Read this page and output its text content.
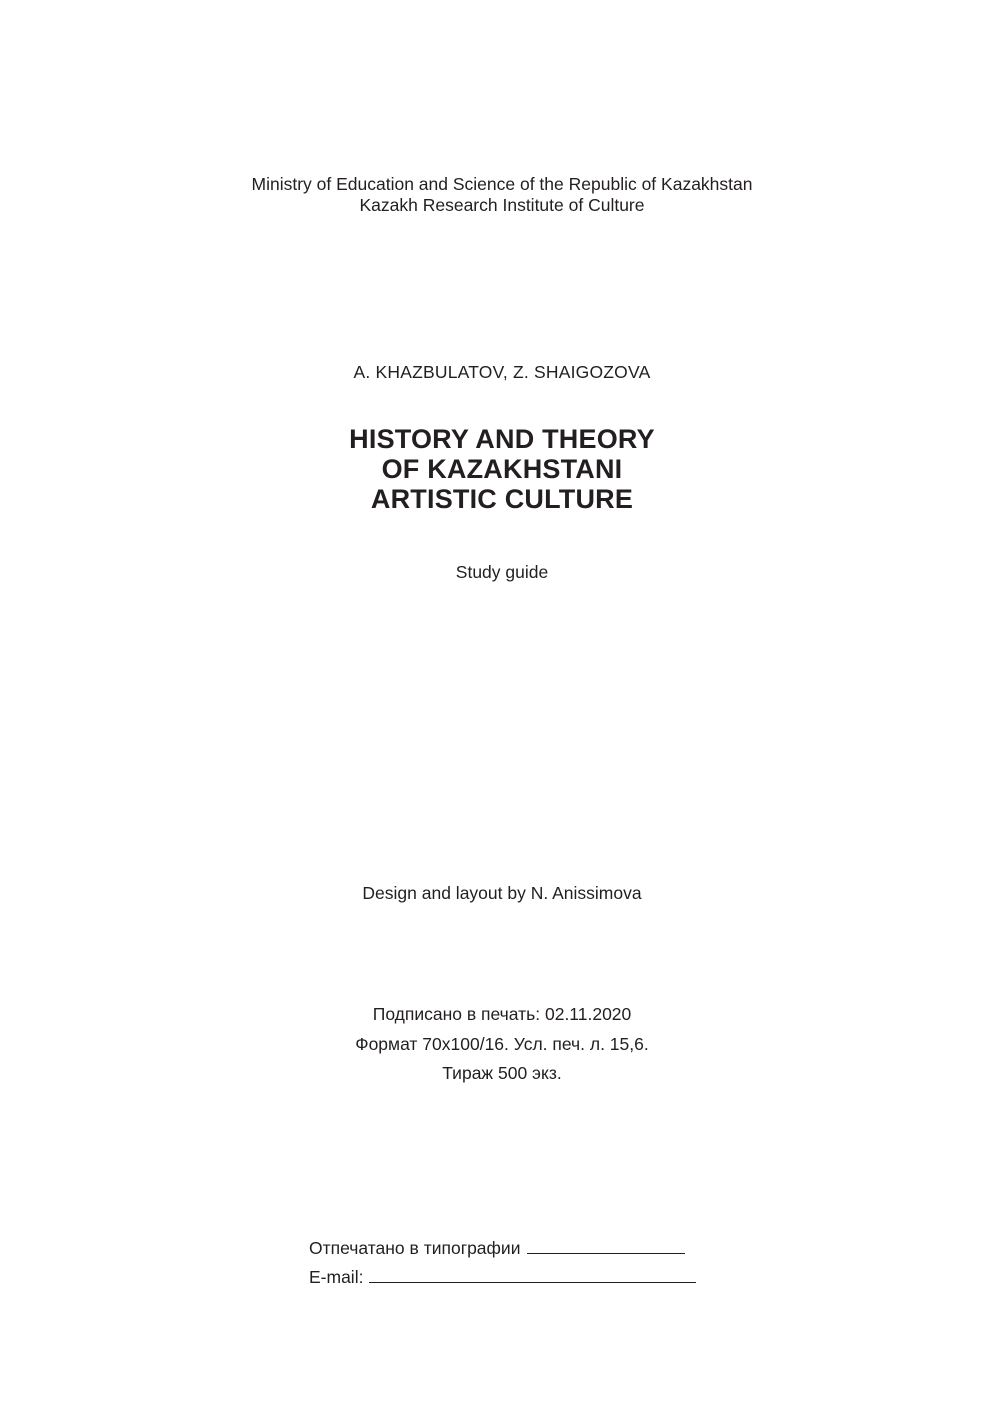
Ministry of Education and Science of the Republic of Kazakhstan
Kazakh Research Institute of Culture
A. KHAZBULATOV, Z. SHAIGOZOVA
HISTORY AND THEORY
OF KAZAKHSTANI
ARTISTIC CULTURE
Study guide
Design and layout by N. Anissimova
Подписано в печать: 02.11.2020
Формат 70х100/16. Усл. печ. л. 15,6.
Тираж 500 экз.
Отпечатано в типографии
E-mail:
